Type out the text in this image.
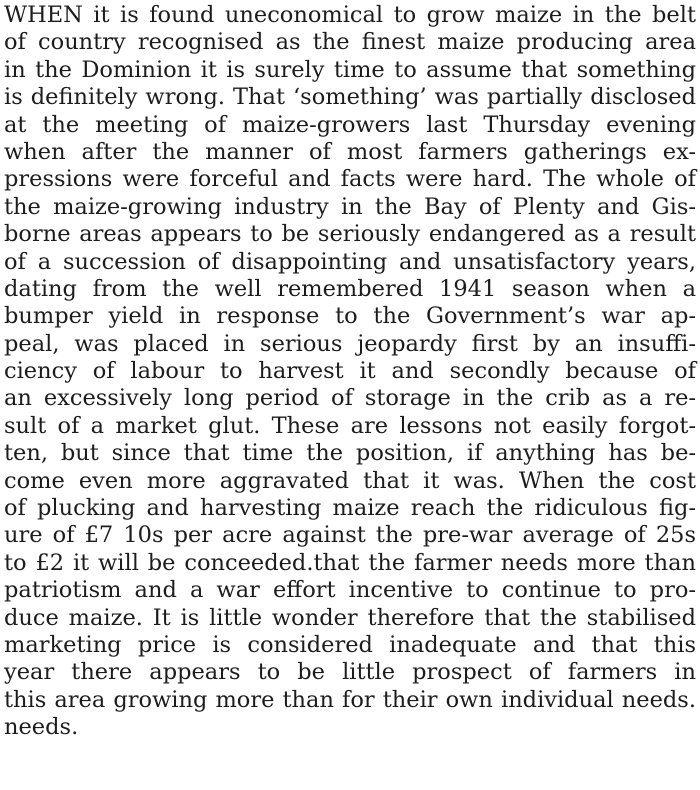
WHEN it is found uneconomical to grow maize in the belt
of country recognised as the finest maize producing area
in the Dominion it is surely time to assume that something
is definitely wrong. That ‘something’ was partially disclosed
at the meeting of maize-growers last Thursday evening
when after the manner of most farmers gatherings ex-
pressions were forceful and facts were hard. The whole of
the maize-growing industry in the Bay of Plenty and Gis-
borne areas appears to be seriously endangered as a result
of a succession of disappointing and unsatisfactory years,
dating from the well remembered 1941 season when a
bumper yield in response to the Government’s war ap-
peal, was placed in serious jeopardy first by an insuffi-
ciency of labour to harvest it and secondly because of
an excessively long period of storage in the crib as a re-
sult of a market glut. These are lessons not easily forgot-
ten, but since that time the position, if anything has be-
come even more aggravated that it was. When the cost
of plucking and harvesting maize reach the ridiculous fig-
ure of £7 10s per acre against the pre-war average of 25s
to £2 it will be conceeded.that the farmer needs more than
patriotism and a war effort incentive to continue to pro-
duce maize. It is little wonder therefore that the stabilised
marketing price is considered inadequate and that this
year there appears to be little prospect of farmers in
this area growing more than for their own individual needs.
needs.
